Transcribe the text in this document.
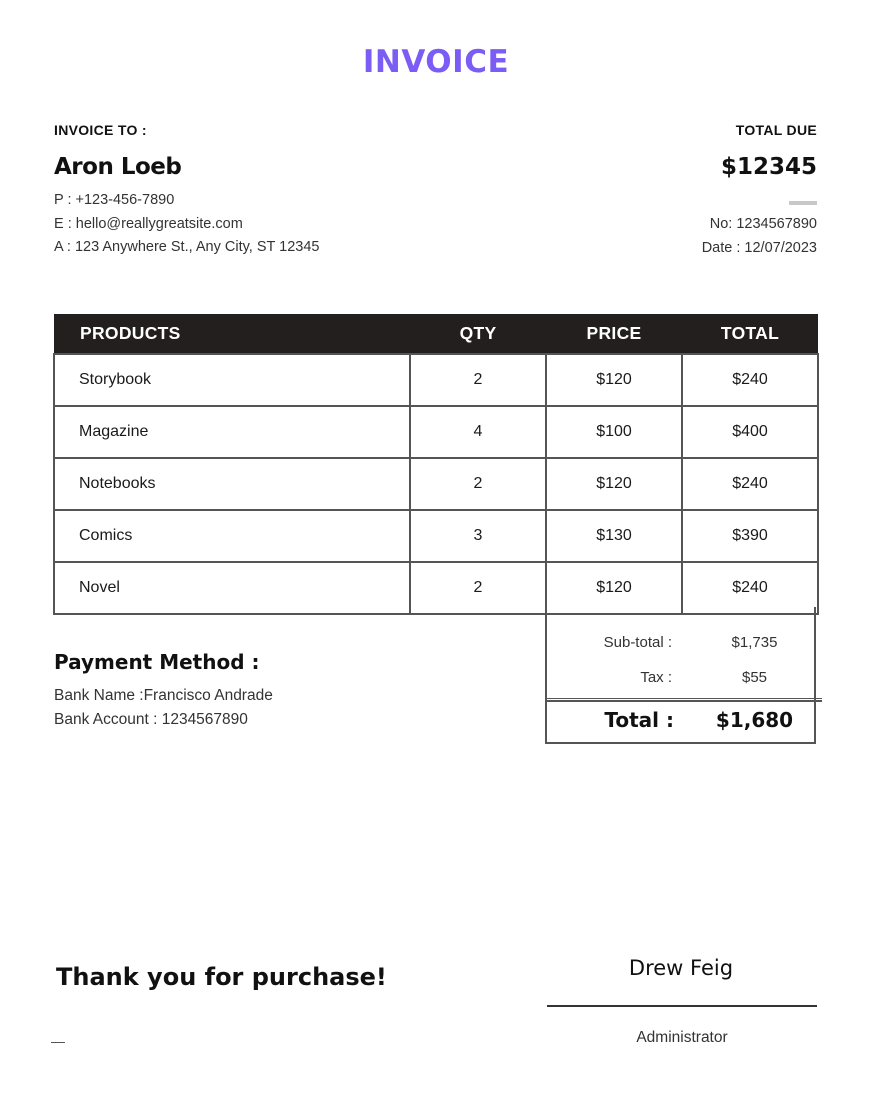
INVOICE
INVOICE TO :
Aron Loeb
P : +123-456-7890
E : hello@reallygreatsite.com
A : 123 Anywhere St., Any City, ST 12345
TOTAL DUE
$12345
No: 1234567890
Date : 12/07/2023
PRODUCTS	QTY	PRICE	TOTAL
Storybook	2	$120	$240
Magazine	4	$100	$400
Notebooks	2	$120	$240
Comics	3	$130	$390
Novel	2	$120	$240
Sub-total :	$1,735
Tax :	$55
Total :	$1,680
Payment Method :
Bank Name :Francisco Andrade
Bank Account : 1234567890
Thank you for purchase!	Drew Feig
Administrator
